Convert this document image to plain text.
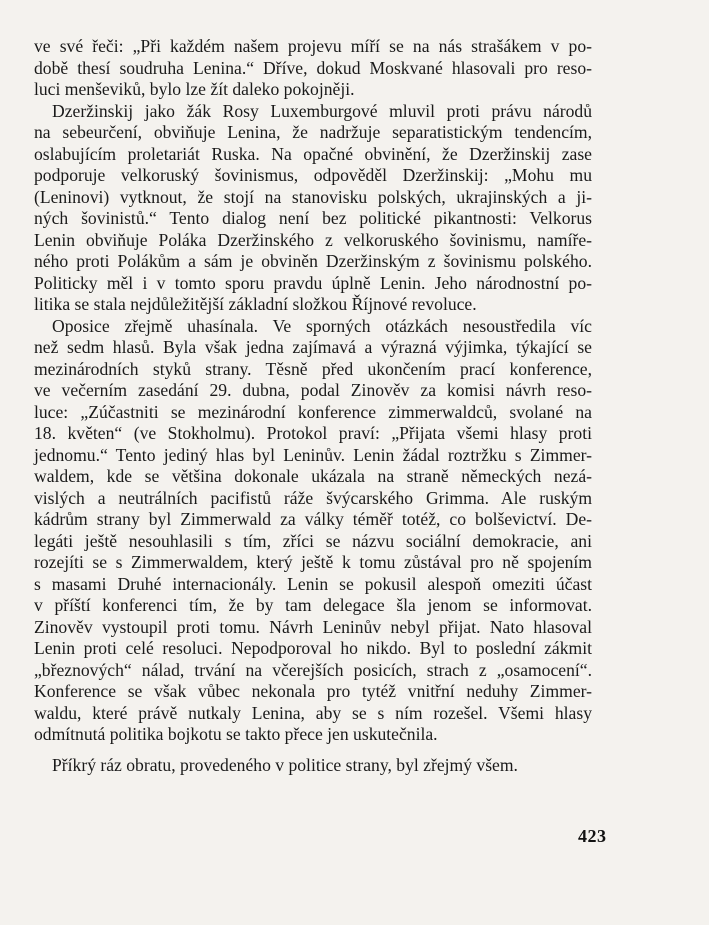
ve své řeči: „Při každém našem projevu míří se na nás strašákem v po-
době thesí soudruha Lenina.“ Dříve, dokud Moskvané hlasovali pro reso-
luci menševiků, bylo lze žít daleko pokojněji.
Dzeržinskij jako žák Rosy Luxemburgové mluvil proti právu národů
na sebeurčení, obviňuje Lenina, že nadržuje separatistickým tendencím,
oslabujícím proletariát Ruska. Na opačné obvinění, že Dzeržinskij zase
podporuje velkoruský šovinismus, odpověděl Dzeržinskij: „Mohu mu
(Leninovi) vytknout, že stojí na stanovisku polských, ukrajinských a ji-
ných šovinistů.“ Tento dialog není bez politické pikantnosti: Velkorus
Lenin obviňuje Poláka Dzeržinského z velkoruského šovinismu, namíře-
ného proti Polákům a sám je obviněn Dzeržinským z šovinismu polského.
Politicky měl i v tomto sporu pravdu úplně Lenin. Jeho národnostní po-
litika se stala nejdůležitější základní složkou Říjnové revoluce.
Oposice zřejmě uhasínala. Ve sporných otázkách nesoustředila víc
než sedm hlasů. Byla však jedna zajímavá a výrazná výjimka, týkající se
mezinárodních styků strany. Těsně před ukončením prací konference,
ve večerním zasedání 29. dubna, podal Zinověv za komisi návrh reso-
luce: „Zúčastniti se mezinárodní konference zimmerwaldců, svolané na
18. květen“ (ve Stokholmu). Protokol praví: „Přijata všemi hlasy proti
jednomu.“ Tento jediný hlas byl Leninův. Lenin žádal roztržku s Zimmer-
waldem, kde se většina dokonale ukázala na straně německých nezá-
vislých a neutrálních pacifistů ráže švýcarského Grimma. Ale ruským
kádrům strany byl Zimmerwald za války téměř totéž, co bolševictví. De-
legáti ještě nesouhlasili s tím, zříci se názvu sociální demokracie, ani
rozejíti se s Zimmerwaldem, který ještě k tomu zůstával pro ně spojením
s masami Druhé internacionály. Lenin se pokusil alespoň omeziti účast
v příští konferenci tím, že by tam delegace šla jenom se informovat.
Zinověv vystoupil proti tomu. Návrh Leninův nebyl přijat. Nato hlasoval
Lenin proti celé resoluci. Nepodporoval ho nikdo. Byl to poslední zákmit
„březnových“ nálad, trvání na včerejších posicích, strach z „osamocení“.
Konference se však vůbec nekonala pro tytéž vnitřní neduhy Zimmer-
waldu, které právě nutkaly Lenina, aby se s ním rozešel. Všemi hlasy
odmítnutá politika bojkotu se takto přece jen uskutečnila.
Příkrý ráz obratu, provedeného v politice strany, byl zřejmý všem.
423
